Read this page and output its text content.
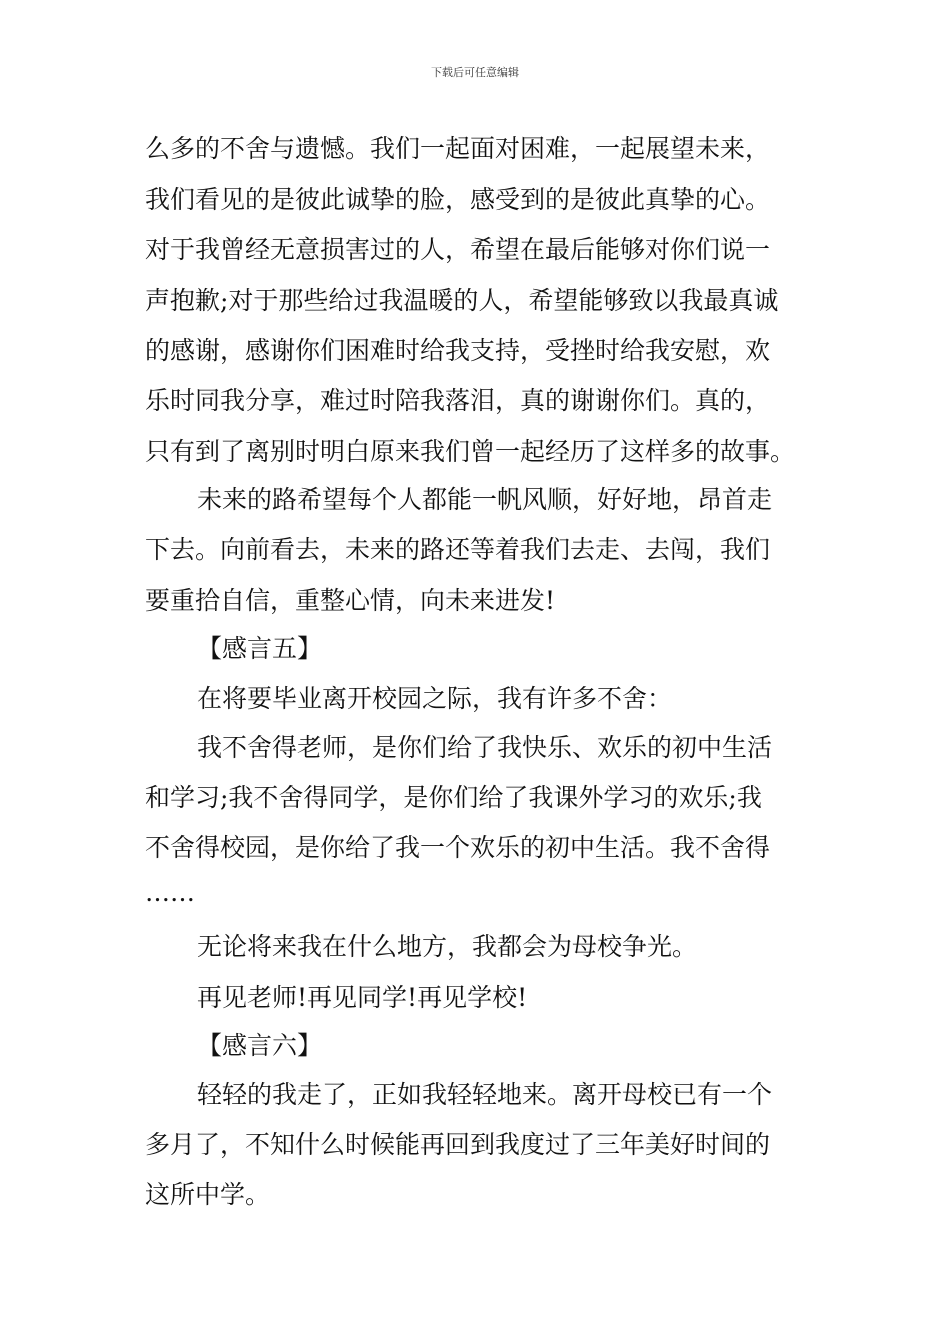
下载后可任意编辑
么多的不舍与遗憾。我们一起面对困难，一起展望未来，
我们看见的是彼此诚挚的脸，感受到的是彼此真挚的心。
对于我曾经无意损害过的人，希望在最后能够对你们说一
声抱歉;对于那些给过我温暖的人，希望能够致以我最真诚
的感谢，感谢你们困难时给我支持，受挫时给我安慰，欢
乐时同我分享，难过时陪我落泪，真的谢谢你们。真的，
只有到了离别时明白原来我们曾一起经历了这样多的故事。
未来的路希望每个人都能一帆风顺，好好地，昂首走
下去。向前看去，未来的路还等着我们去走、去闯，我们
要重拾自信，重整心情，向未来进发!
【感言五】
在将要毕业离开校园之际，我有许多不舍：
我不舍得老师，是你们给了我快乐、欢乐的初中生活
和学习;我不舍得同学，是你们给了我课外学习的欢乐;我
不舍得校园，是你给了我一个欢乐的初中生活。我不舍得
……
无论将来我在什么地方，我都会为母校争光。
再见老师!再见同学!再见学校!
【感言六】
轻轻的我走了，正如我轻轻地来。离开母校已有一个
多月了，不知什么时候能再回到我度过了三年美好时间的
这所中学。
